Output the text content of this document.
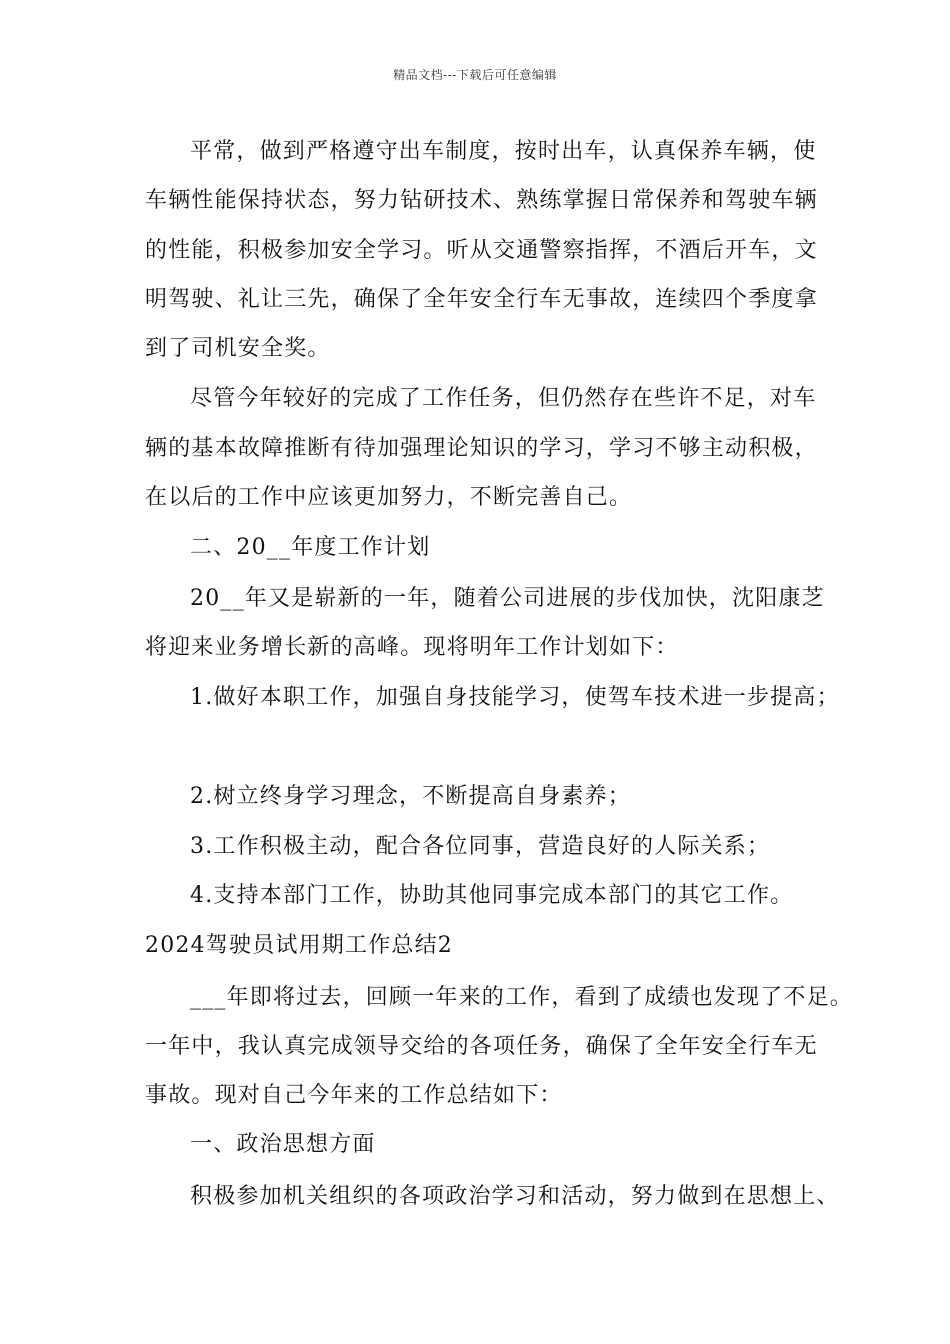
精品文档---下载后可任意编辑
平常，做到严格遵守出车制度，按时出车，认真保养车辆，使
车辆性能保持状态，努力钻研技术、熟练掌握日常保养和驾驶车辆
的性能，积极参加安全学习。听从交通警察指挥，不酒后开车，文
明驾驶、礼让三先，确保了全年安全行车无事故，连续四个季度拿
到了司机安全奖。
尽管今年较好的完成了工作任务，但仍然存在些许不足，对车
辆的基本故障推断有待加强理论知识的学习，学习不够主动积极，
在以后的工作中应该更加努力，不断完善自己。
二、20__年度工作计划
20__年又是崭新的一年，随着公司进展的步伐加快，沈阳康芝
将迎来业务增长新的高峰。现将明年工作计划如下：
1.做好本职工作，加强自身技能学习，使驾车技术进一步提高；
2.树立终身学习理念，不断提高自身素养；
3.工作积极主动，配合各位同事，营造良好的人际关系；
4.支持本部门工作，协助其他同事完成本部门的其它工作。
2024驾驶员试用期工作总结2
___年即将过去，回顾一年来的工作，看到了成绩也发现了不足。
一年中，我认真完成领导交给的各项任务，确保了全年安全行车无
事故。现对自己今年来的工作总结如下：
一、政治思想方面
积极参加机关组织的各项政治学习和活动，努力做到在思想上、
